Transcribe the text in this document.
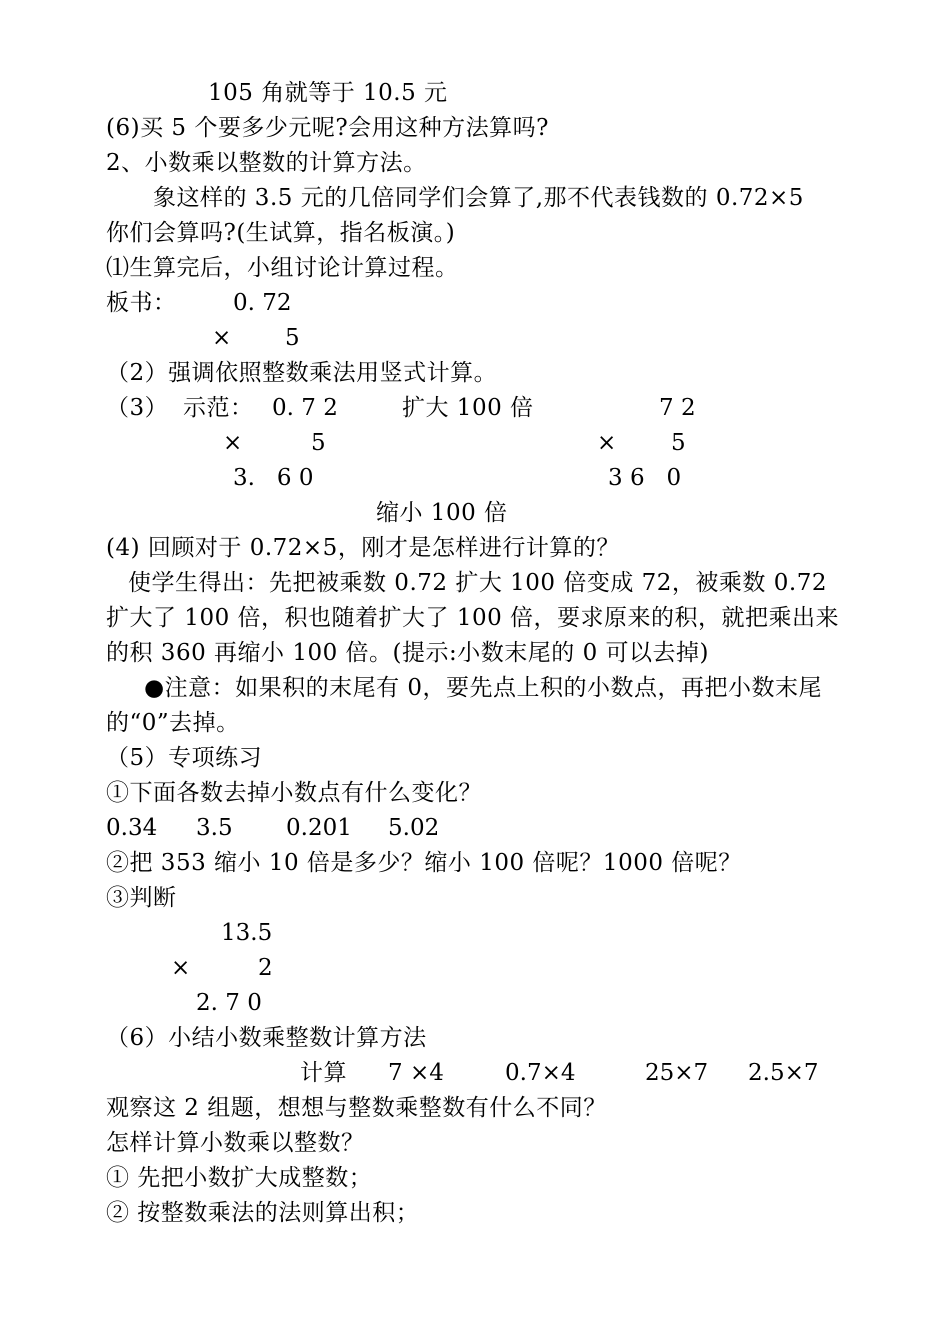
105 角就等于 10.5 元
(6)买 5 个要多少元呢?会用这种方法算吗?
2、小数乘以整数的计算方法。
象这样的 3.5 元的几倍同学们会算了,那不代表钱数的 0.72×5
你们会算吗?(生试算，指名板演。)
⑴生算完后，小组讨论计算过程。
板书： 0. 72
× 5
（2）强调依照整数乘法用竖式计算。
（3） 示范： 0. 7 2	扩大 100 倍	7 2
×	5	× 5
3.   6 0	3 6   0
缩小 100 倍
(4) 回顾对于 0.72×5，刚才是怎样进行计算的？
使学生得出：先把被乘数 0.72 扩大 100 倍变成 72，被乘数 0.72
扩大了 100 倍，积也随着扩大了 100 倍，要求原来的积，就把乘出来
的积 360 再缩小 100 倍。(提示:小数末尾的 0 可以去掉)
●注意：如果积的末尾有 0，要先点上积的小数点，再把小数末尾
的“0”去掉。
（5）专项练习
①下面各数去掉小数点有什么变化？
0.34 3.5 0.201 5.02
②把 353 缩小 10 倍是多少？缩小 100 倍呢？1000 倍呢？
③判断
13.5
×	2
2. 7 0
（6）小结小数乘整数计算方法
计算 7 ×4	0.7×4	25×7 2.5×7
观察这 2 组题，想想与整数乘整数有什么不同？
怎样计算小数乘以整数？
① 先把小数扩大成整数；
② 按整数乘法的法则算出积；
